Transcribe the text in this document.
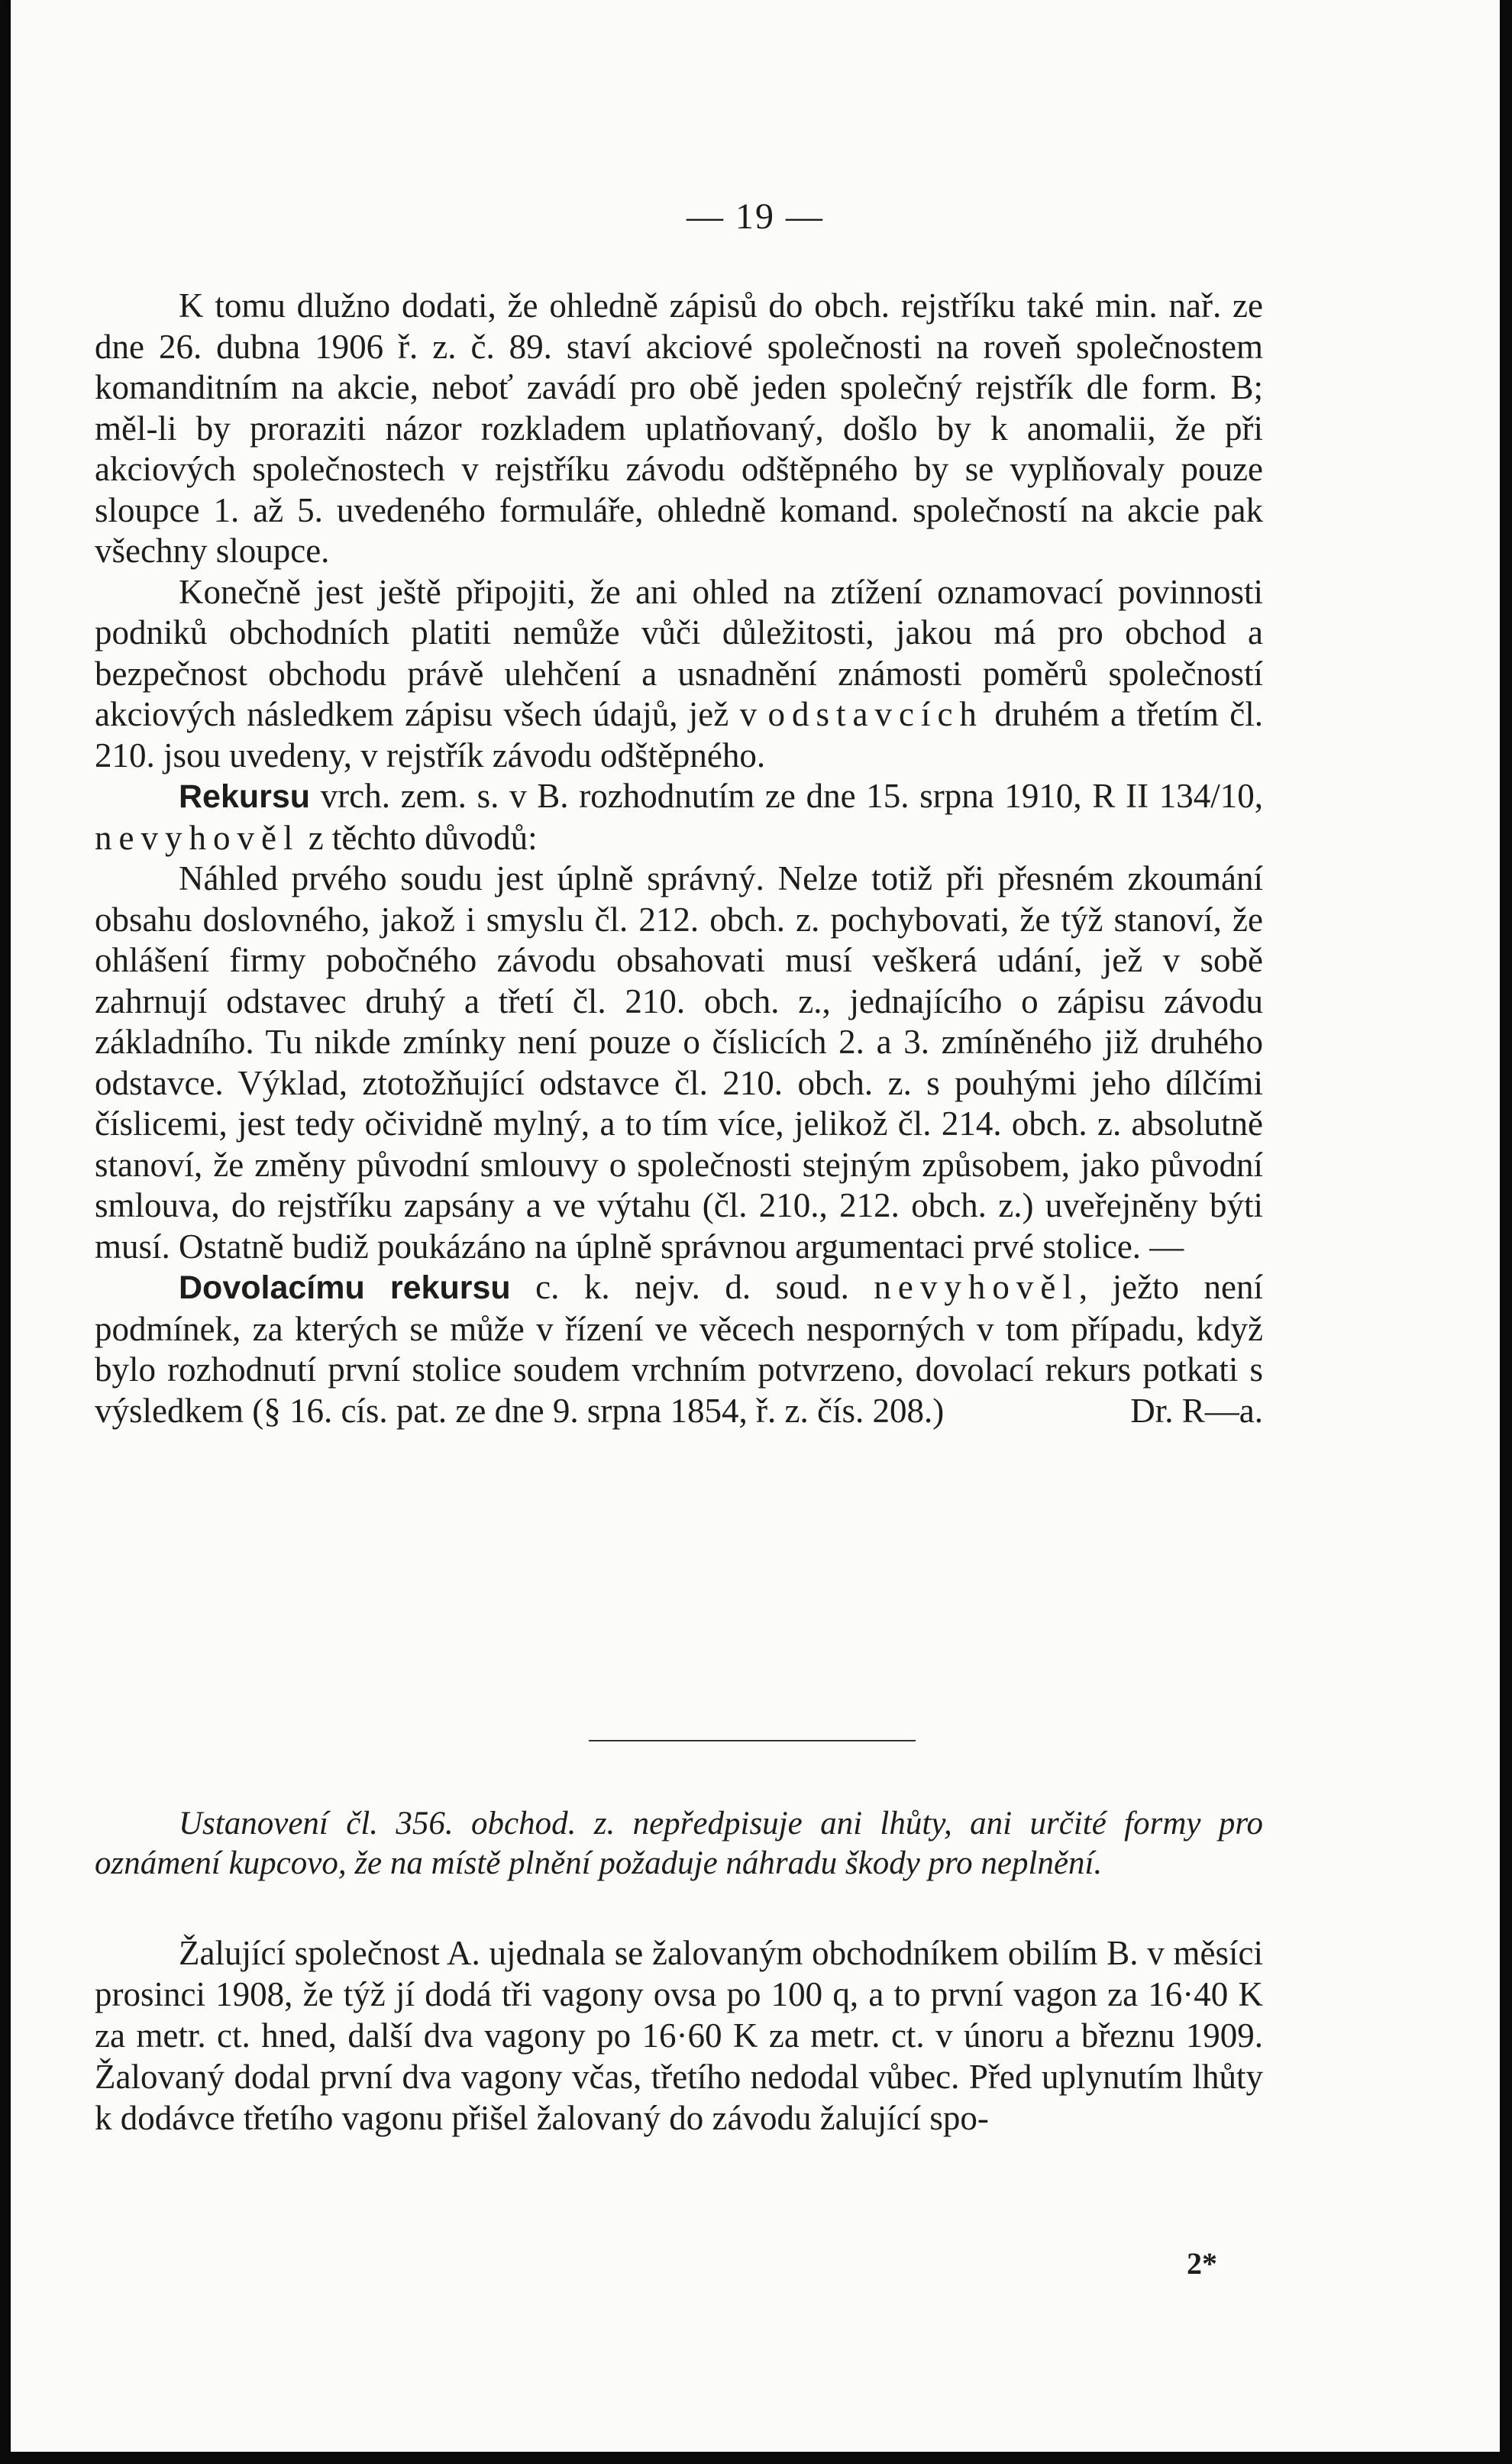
— 19 —

K tomu dlužno dodati, že ohledně zápisů do obch. rejstříku také min. nař. ze dne 26. dubna 1906 ř. z. č. 89. staví akciové společnosti na roveň společnostem komanditním na akcie, neboť zavádí pro obě jeden společný rejstřík dle form. B; měl-li by proraziti názor rozkladem uplatňovaný, došlo by k anomalii, že při akciových společnostech v rejstříku závodu odštěpného by se vyplňovaly pouze sloupce 1. až 5. uvedeného formuláře, ohledně komand. společností na akcie pak všechny sloupce.

Konečně jest ještě připojiti, že ani ohled na ztížení oznamovací povinnosti podniků obchodních platiti nemůže vůči důležitosti, jakou má pro obchod a bezpečnost obchodu právě ulehčení a usnadnění známosti poměrů společností akciových následkem zápisu všech údajů, jež v odstavcích druhém a třetím čl. 210. jsou uvedeny, v rejstřík závodu odštěpného.

Rekursu vrch. zem. s. v B. rozhodnutím ze dne 15. srpna 1910, R II 134/10, nevyhověl z těchto důvodů:

Náhled prvého soudu jest úplně správný. Nelze totiž při přesném zkoumání obsahu doslovného, jakož i smyslu čl. 212. obch. z. pochybovati, že týž stanoví, že ohlášení firmy pobočného závodu obsahovati musí veškerá udání, jež v sobě zahrnují odstavec druhý a třetí čl. 210. obch. z., jednajícího o zápisu závodu základního. Tu nikde zmínky není pouze o číslicích 2. a 3. zmíněného již druhého odstavce. Výklad, ztotožňující odstavce čl. 210. obch. z. s pouhými jeho dílčími číslicemi, jest tedy očividně mylný, a to tím více, jelikož čl. 214. obch. z. absolutně stanoví, že změny původní smlouvy o společnosti stejným způsobem, jako původní smlouva, do rejstříku zapsány a ve výtahu (čl. 210., 212. obch. z.) uveřejněny býti musí. Ostatně budiž poukázáno na úplně správnou argumentaci prvé stolice. —

Dovolacímu rekursu c. k. nejv. d. soud. nevyhověl, ježto není podmínek, za kterých se může v řízení ve věcech nesporných v tom případu, když bylo rozhodnutí první stolice soudem vrchním potvrzeno, dovolací rekurs potkati s výsledkem (§ 16. cís. pat. ze dne 9. srpna 1854, ř. z. čís. 208.)	Dr. R—a.

Ustanovení čl. 356. obchod. z. nepředpisuje ani lhůty, ani určité formy pro oznámení kupcovo, že na místě plnění požaduje náhradu škody pro neplnění.
Žalující společnost A. ujednala se žalovaným obchodníkem obilím B. v měsíci prosinci 1908, že týž jí dodá tři vagony ovsa po 100 q, a to první vagon za 16·40 K za metr. ct. hned, další dva vagony po 16·60 K za metr. ct. v únoru a březnu 1909. Žalovaný dodal první dva vagony včas, třetího nedodal vůbec. Před uplynutím lhůty k dodávce třetího vagonu přišel žalovaný do závodu žalující spo-
2*
